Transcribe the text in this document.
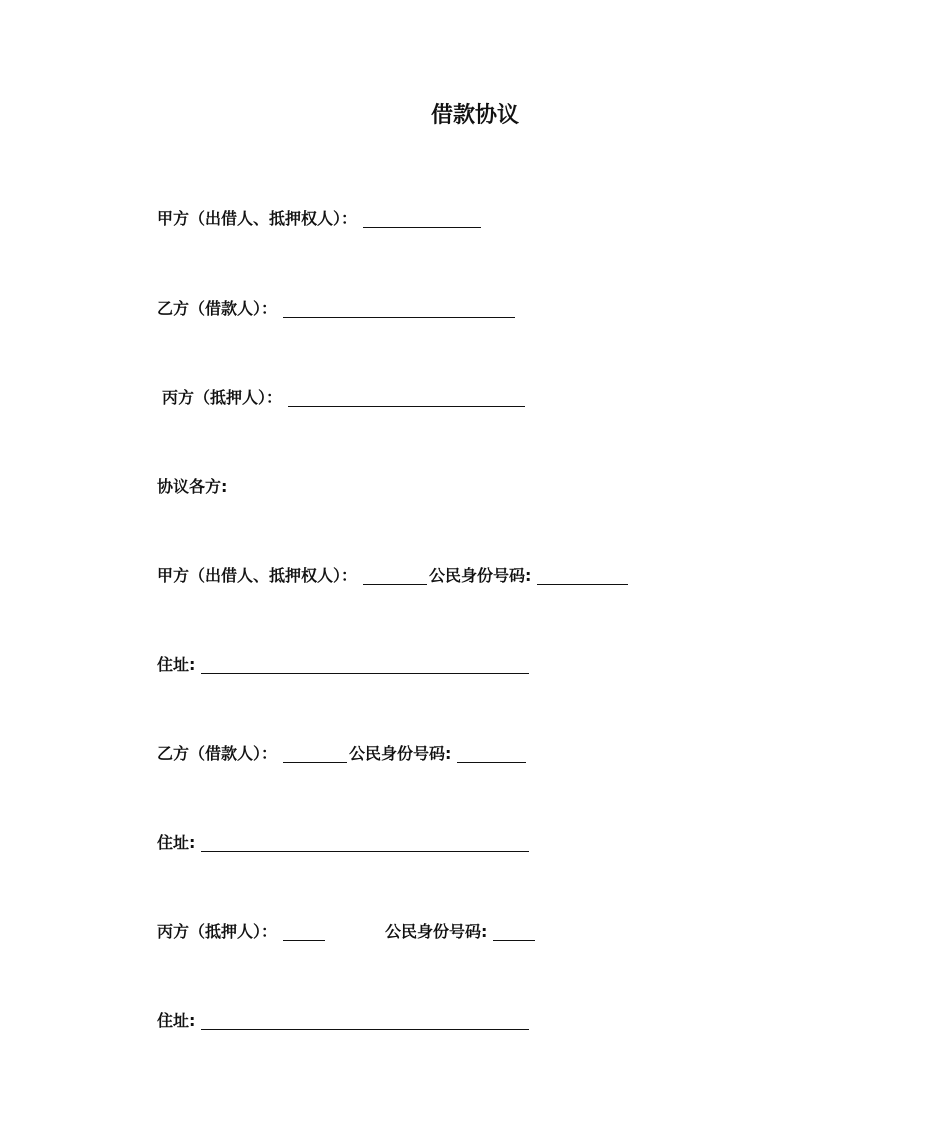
借款协议
甲方（出借人、抵押权人）：
乙方（借款人）：
丙方（抵押人）：
协议各方:
甲方（出借人、抵押权人）：	公民身份号码:
住址:
乙方（借款人）：	公民身份号码:
住址:
丙方（抵押人）：	公民身份号码:
住址:
